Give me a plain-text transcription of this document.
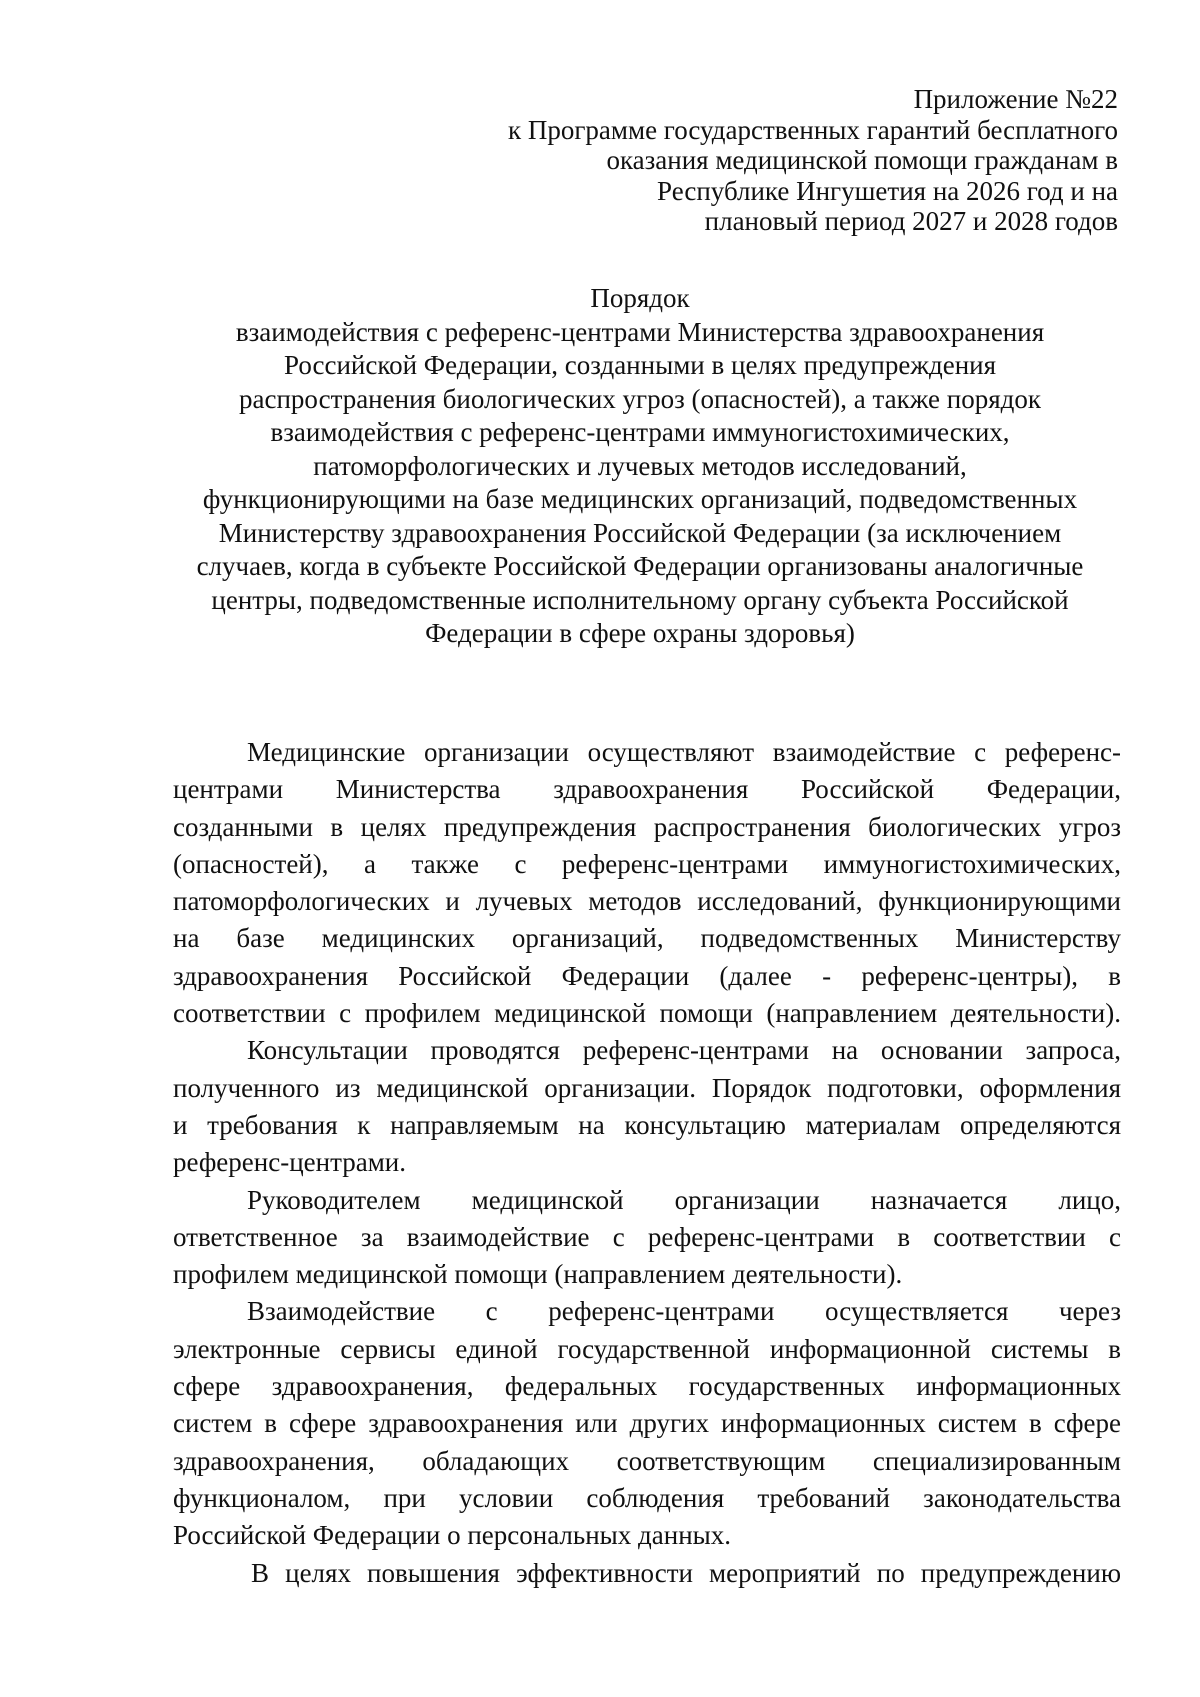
Приложение №22
к Программе государственных гарантий бесплатного
оказания медицинской помощи гражданам в
Республике Ингушетия на 2026 год и на
плановый период 2027 и 2028 годов
Порядок
взаимодействия с референс-центрами Министерства здравоохранения
Российской Федерации, созданными в целях предупреждения
распространения биологических угроз (опасностей), а также порядок
взаимодействия с референс-центрами иммуногистохимических,
патоморфологических и лучевых методов исследований,
функционирующими на базе медицинских организаций, подведомственных
Министерству здравоохранения Российской Федерации (за исключением
случаев, когда в субъекте Российской Федерации организованы аналогичные
центры, подведомственные исполнительному органу субъекта Российской
Федерации в сфере охраны здоровья)

Медицинские организации осуществляют взаимодействие с референс-
центрами Министерства здравоохранения Российской Федерации,
созданными в целях предупреждения распространения биологических угроз
(опасностей), а также с референс-центрами иммуногистохимических,
патоморфологических и лучевых методов исследований, функционирующими
на базе медицинских организаций, подведомственных Министерству
здравоохранения Российской Федерации (далее - референс-центры), в
соответствии с профилем медицинской помощи (направлением деятельности).

Консультации проводятся референс-центрами на основании запроса,
полученного из медицинской организации. Порядок подготовки, оформления
и требования к направляемым на консультацию материалам определяются
референс-центрами.

Руководителем медицинской организации назначается лицо,
ответственное за взаимодействие с референс-центрами в соответствии с
профилем медицинской помощи (направлением деятельности).

Взаимодействие с референс-центрами осуществляется через
электронные сервисы единой государственной информационной системы в
сфере здравоохранения, федеральных государственных информационных
систем в сфере здравоохранения или других информационных систем в сфере
здравоохранения, обладающих соответствующим специализированным
функционалом, при условии соблюдения требований законодательства
Российской Федерации о персональных данных.

В целях повышения эффективности мероприятий по предупреждению
